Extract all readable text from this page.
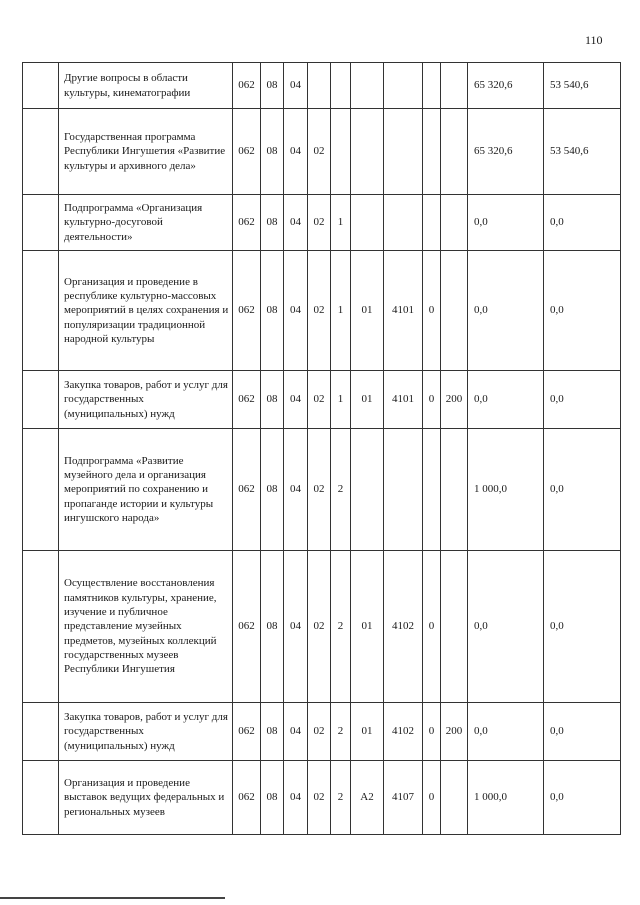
110
	Другие вопросы в области культуры, кинематографии	062	08	04							65 320,6	53 540,6
	Государственная программа Республики Ингушетия «Развитие культуры и архивного дела»	062	08	04	02						65 320,6	53 540,6
	Подпрограмма «Организация культурно-досуговой деятельности»	062	08	04	02	1					0,0	0,0
	Организация и проведение в республике культурно-массовых мероприятий в целях сохранения и популяризации традиционной народной культуры	062	08	04	02	1	01	4101	0		0,0	0,0
	Закупка товаров, работ и услуг для государственных (муниципальных) нужд	062	08	04	02	1	01	4101	0	200	0,0	0,0
	Подпрограмма «Развитие музейного дела и организация мероприятий по сохранению и пропаганде истории и культуры ингушского народа»	062	08	04	02	2					1 000,0	0,0
	Осуществление восстановления памятников культуры, хранение, изучение и публичное представление музейных предметов, музейных коллекций государственных музеев Республики Ингушетия	062	08	04	02	2	01	4102	0		0,0	0,0
	Закупка товаров, работ и услуг для государственных (муниципальных) нужд	062	08	04	02	2	01	4102	0	200	0,0	0,0
	Организация и проведение выставок ведущих федеральных и региональных музеев	062	08	04	02	2	А2	4107	0		1 000,0	0,0
